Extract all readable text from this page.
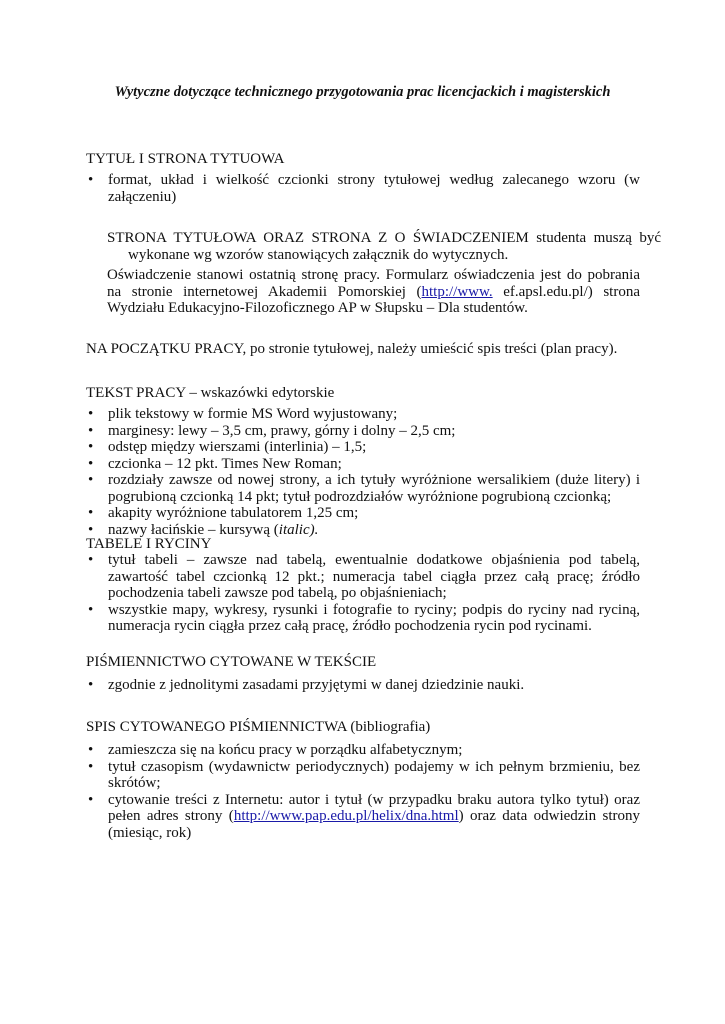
Wytyczne dotyczące technicznego przygotowania prac licencjackich i magisterskich
TYTUŁ I STRONA TYTUOWA
• format, układ i wielkość czcionki strony tytułowej według zalecanego wzoru (w załączeniu)
STRONA TYTUŁOWA ORAZ STRONA Z O ŚWIADCZENIEM studenta muszą być wykonane wg wzorów stanowiących załącznik do wytycznych.
Oświadczenie stanowi ostatnią stronę pracy. Formularz oświadczenia jest do pobrania na stronie internetowej Akademii Pomorskiej (http://www. ef.apsl.edu.pl/) strona Wydziału Edukacyjno-Filozoficznego AP w Słupsku – Dla studentów.
NA POCZĄTKU PRACY, po stronie tytułowej, należy umieścić spis treści (plan pracy).
TEKST PRACY – wskazówki edytorskie
• plik tekstowy w formie MS Word wyjustowany;
• marginesy: lewy – 3,5 cm, prawy, górny i dolny – 2,5 cm;
• odstęp między wierszami (interlinia) – 1,5;
• czcionka – 12 pkt. Times New Roman;
• rozdziały zawsze od nowej strony, a ich tytuły wyróżnione wersalikiem (duże litery) i pogrubioną czcionką 14 pkt; tytuł podrozdziałów wyróżnione pogrubioną czcionką;
• akapity wyróżnione tabulatorem 1,25 cm;
• nazwy łacińskie – kursywą (italic).
TABELE I RYCINY
• tytuł tabeli – zawsze nad tabelą, ewentualnie dodatkowe objaśnienia pod tabelą, zawartość tabel czcionką 12 pkt.; numeracja tabel ciągła przez całą pracę; źródło pochodzenia tabeli zawsze pod tabelą, po objaśnieniach;
• wszystkie mapy, wykresy, rysunki i fotografie to ryciny; podpis do ryciny nad ryciną, numeracja rycin ciągła przez całą pracę, źródło pochodzenia rycin pod rycinami.
PIŚMIENNICTWO CYTOWANE W TEKŚCIE
• zgodnie z jednolitymi zasadami przyjętymi w danej dziedzinie nauki.
SPIS CYTOWANEGO PIŚMIENNICTWA (bibliografia)
• zamieszcza się na końcu pracy w porządku alfabetycznym;
• tytuł czasopism (wydawnictw periodycznych) podajemy w ich pełnym brzmieniu, bez skrótów;
• cytowanie treści z Internetu: autor i tytuł (w przypadku braku autora tylko tytuł) oraz pełen adres strony (http://www.pap.edu.pl/helix/dna.html) oraz data odwiedzin strony (miesiąc, rok)
